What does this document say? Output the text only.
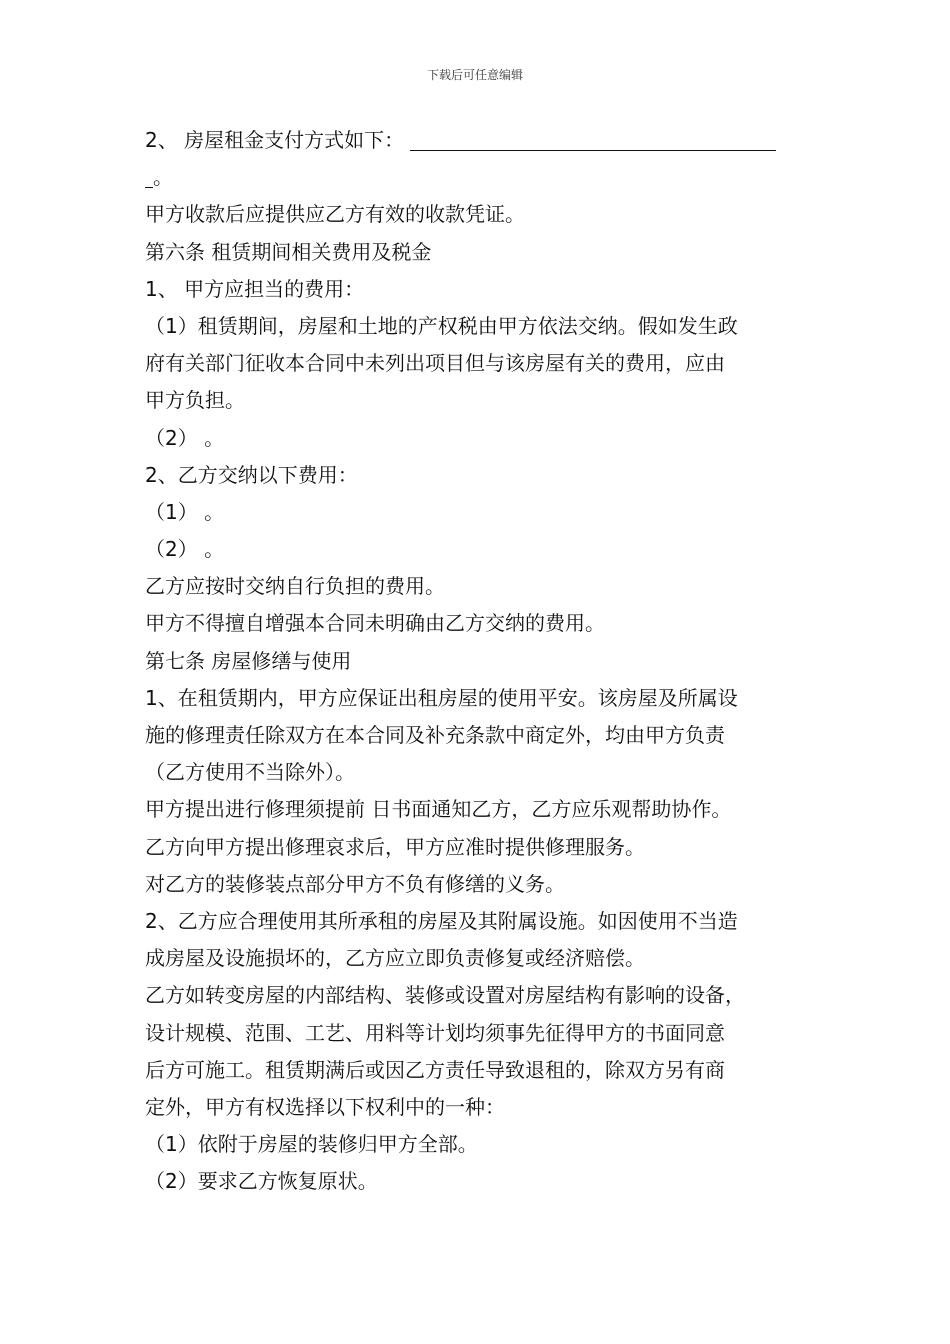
下载后可任意编辑
2、 房屋租金支付方式如下：
。
甲方收款后应提供应乙方有效的收款凭证。
第六条 租赁期间相关费用及税金
1、 甲方应担当的费用：
（1）租赁期间，房屋和土地的产权税由甲方依法交纳。假如发生政
府有关部门征收本合同中未列出项目但与该房屋有关的费用，应由
甲方负担。
（2） 。
2、乙方交纳以下费用：
（1） 。
（2） 。
乙方应按时交纳自行负担的费用。
甲方不得擅自增强本合同未明确由乙方交纳的费用。
第七条 房屋修缮与使用
1、在租赁期内，甲方应保证出租房屋的使用平安。该房屋及所属设
施的修理责任除双方在本合同及补充条款中商定外，均由甲方负责
（乙方使用不当除外）。
甲方提出进行修理须提前 日书面通知乙方，乙方应乐观帮助协作。
乙方向甲方提出修理哀求后，甲方应准时提供修理服务。
对乙方的装修装点部分甲方不负有修缮的义务。
2、乙方应合理使用其所承租的房屋及其附属设施。如因使用不当造
成房屋及设施损坏的，乙方应立即负责修复或经济赔偿。
乙方如转变房屋的内部结构、装修或设置对房屋结构有影响的设备，
设计规模、范围、工艺、用料等计划均须事先征得甲方的书面同意
后方可施工。租赁期满后或因乙方责任导致退租的，除双方另有商
定外，甲方有权选择以下权利中的一种：
（1）依附于房屋的装修归甲方全部。
（2）要求乙方恢复原状。
